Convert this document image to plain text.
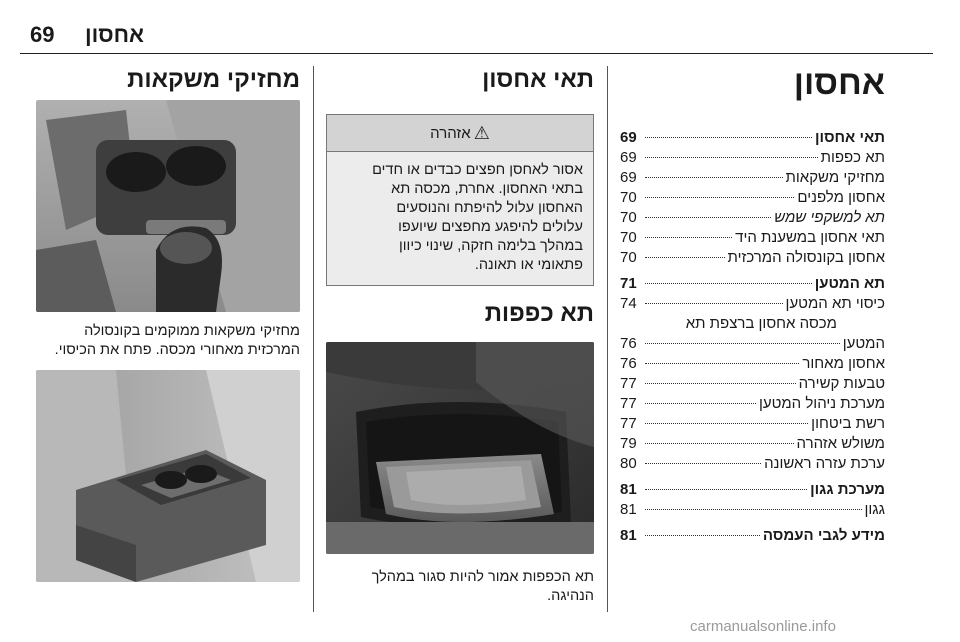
אחסון
69
אחסון
תאי אחסון
69
תא כפפות
69
מחזיקי משקאות
69
אחסון מלפנים
70
תא למשקפי שמש
70
תאי אחסון במשענת היד
70
אחסון בקונסולה המרכזית
70
תא המטען
71
כיסוי תא המטען
74
מכסה אחסון ברצפת תא
המטען
76
אחסון מאחור
76
טבעות קשירה
77
מערכת ניהול המטען
77
רשת ביטחון
77
משולש אזהרה
79
ערכת עזרה ראשונה
80
מערכת גגון
81
גגון
81
מידע לגבי העמסה
81
תאי אחסון
⚠
אזהרה
אסור לאחסן חפצים כבדים או חדים
בתאי האחסון. אחרת, מכסה תא
האחסון עלול להיפתח והנוסעים
עלולים להיפגע מחפצים שיועפו
במהלך בלימה חזקה, שינוי כיוון
פתאומי או תאונה.
תא כפפות
תא הכפפות אמור להיות סגור במהלך
הנהיגה.
מחזיקי משקאות
מחזיקי משקאות ממוקמים בקונסולה
המרכזית מאחורי מכסה. פתח את הכיסוי.
carmanualsonline.info
